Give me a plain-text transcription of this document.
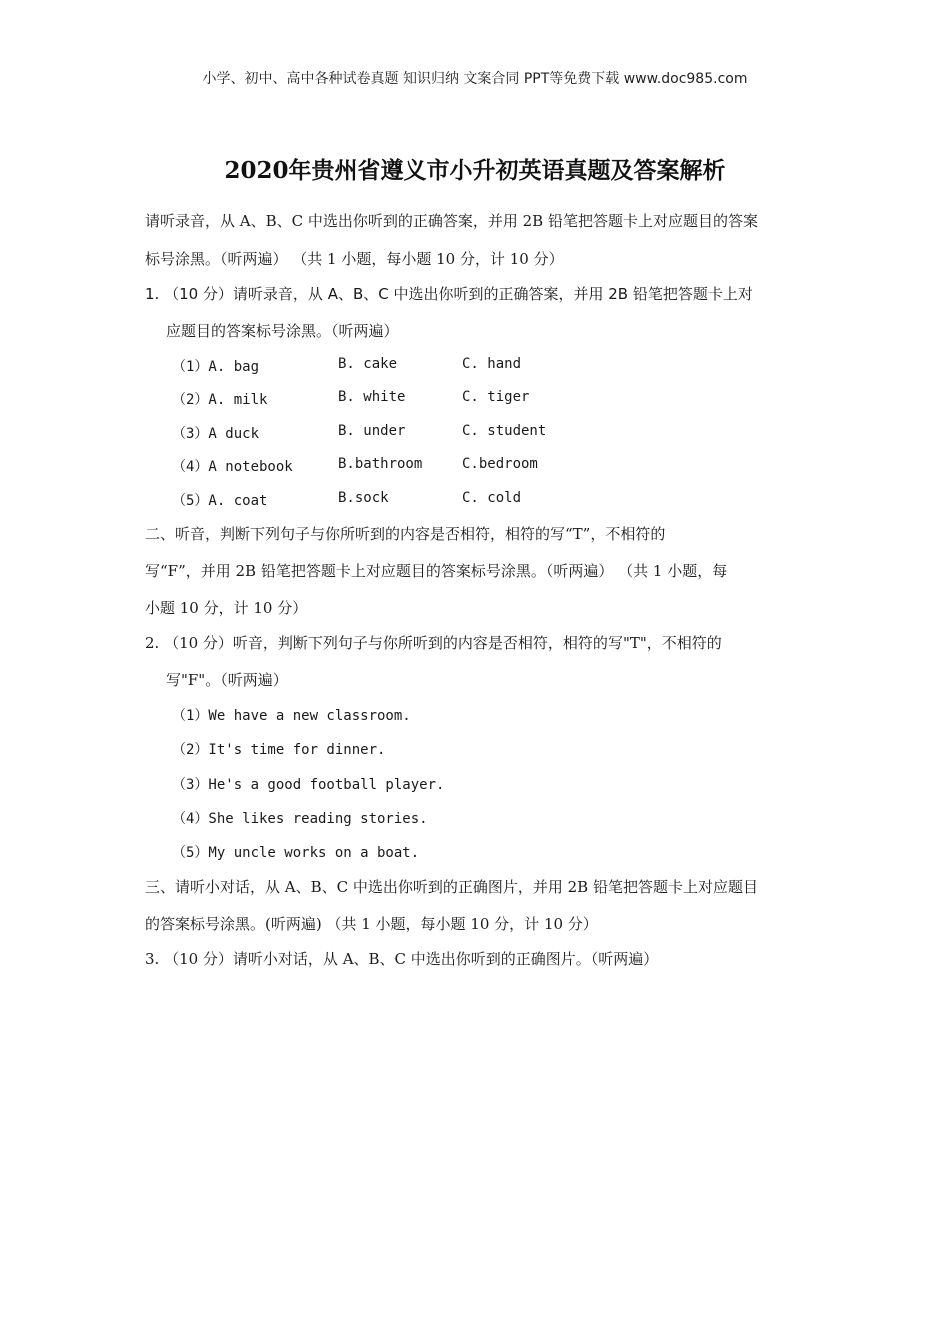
小学、初中、高中各种试卷真题 知识归纳 文案合同 PPT等免费下载 www.doc985.com
2020年贵州省遵义市小升初英语真题及答案解析
请听录音，从 A、B、C 中选出你听到的正确答案，并用 2B 铅笔把答题卡上对应题目的答案
标号涂黑。（听两遍） （共 1 小题，每小题 10 分，计 10 分）
1. （10 分）请听录音，从 A、B、C 中选出你听到的正确答案，并用 2B 铅笔把答题卡上对
应题目的答案标号涂黑。（听两遍）
（1）A. bag	B. cake	C. hand
（2）A. milk	B. white	C. tiger
（3）A duck	B. under	C. student
（4）A notebook	B.bathroom	C.bedroom
（5）A. coat	B.sock	C. cold
二、听音，判断下列句子与你所听到的内容是否相符，相符的写“T”，不相符的
写“F”，并用 2B 铅笔把答题卡上对应题目的答案标号涂黑。（听两遍） （共 1 小题，每
小题 10 分，计 10 分）
2. （10 分）听音，判断下列句子与你所听到的内容是否相符，相符的写"T"，不相符的
写"F"。（听两遍）
（1）We have a new classroom.
（2）It's time for dinner.
（3）He's a good football player.
（4）She likes reading stories.
（5）My uncle works on a boat.
三、请听小对话，从 A、B、C 中选出你听到的正确图片，并用 2B 铅笔把答题卡上对应题目
的答案标号涂黑。(听两遍) （共 1 小题，每小题 10 分，计 10 分）
3. （10 分）请听小对话，从 A、B、C 中选出你听到的正确图片。（听两遍）
